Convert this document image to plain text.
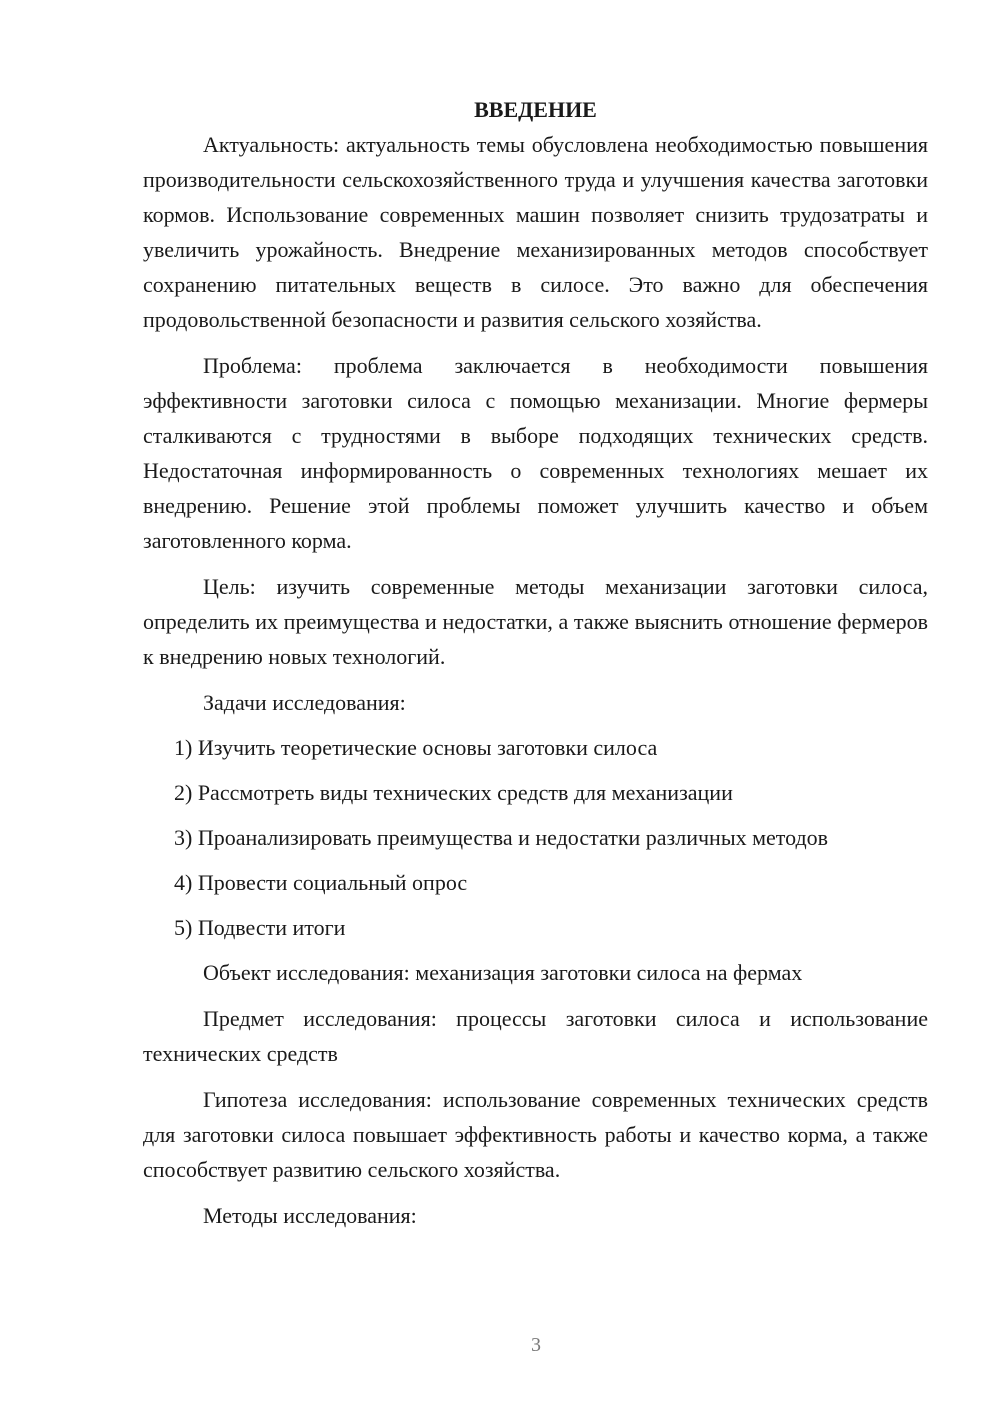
ВВЕДЕНИЕ

Актуальность: актуальность темы обусловлена необходимостью повышения производительности сельскохозяйственного труда и улучшения качества заготовки кормов. Использование современных машин позволяет снизить трудозатраты и увеличить урожайность. Внедрение механизированных методов способствует сохранению питательных веществ в силосе. Это важно для обеспечения продовольственной безопасности и развития сельского хозяйства.

Проблема: проблема заключается в необходимости повышения эффективности заготовки силоса с помощью механизации. Многие фермеры сталкиваются с трудностями в выборе подходящих технических средств. Недостаточная информированность о современных технологиях мешает их внедрению. Решение этой проблемы поможет улучшить качество и объем заготовленного корма.

Цель: изучить современные методы механизации заготовки силоса, определить их преимущества и недостатки, а также выяснить отношение фермеров к внедрению новых технологий.

Задачи исследования:

1) Изучить теоретические основы заготовки силоса
2) Рассмотреть виды технических средств для механизации
3) Проанализировать преимущества и недостатки различных методов
4) Провести социальный опрос
5) Подвести итоги

Объект исследования: механизация заготовки силоса на фермах

Предмет исследования: процессы заготовки силоса и использование технических средств

Гипотеза исследования: использование современных технических средств для заготовки силоса повышает эффективность работы и качество корма, а также способствует развитию сельского хозяйства.

Методы исследования:

3
